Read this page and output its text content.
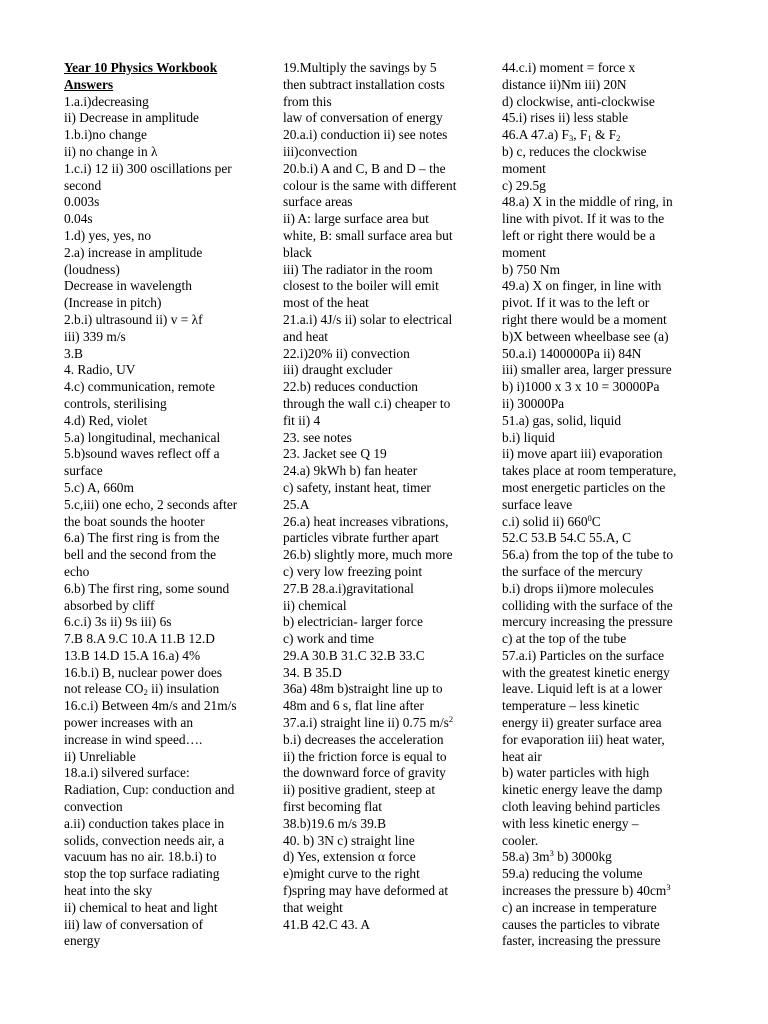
Year 10 Physics Workbook
Answers
1.a.i)decreasing
ii) Decrease in amplitude
1.b.i)no change
ii) no change in λ
1.c.i) 12 ii) 300 oscillations per
second
0.003s
0.04s
1.d) yes, yes, no
2.a) increase in amplitude
(loudness)
Decrease in wavelength
(Increase in pitch)
2.b.i) ultrasound ii) v = λf
iii) 339 m/s
3.B
4. Radio, UV
4.c) communication, remote
controls, sterilising
4.d) Red, violet
5.a) longitudinal, mechanical
5.b)sound waves reflect off a
surface
5.c) A, 660m
5.c,iii) one echo, 2 seconds after
the boat sounds the hooter
6.a) The first ring is from the
bell and the second from the
echo
6.b) The first ring, some sound
absorbed by cliff
6.c.i) 3s ii) 9s iii) 6s
7.B 8.A 9.C 10.A 11.B 12.D
13.B 14.D 15.A 16.a) 4%
16.b.i) B, nuclear power does
not release $CO_2$ ii) insulation
16.c.i) Between 4m/s and 21m/s
power increases with an
increase in wind speed….
ii) Unreliable
18.a.i) silvered surface:
Radiation, Cup: conduction and
convection
a.ii) conduction takes place in
solids, convection needs air, a
vacuum has no air. 18.b.i) to
stop the top surface radiating
heat into the sky
ii) chemical to heat and light
iii) law of conversation of
energy
19.Multiply the savings by 5
then subtract installation costs
from this
law of conversation of energy
20.a.i) conduction ii) see notes
iii)convection
20.b.i) A and C, B and D – the
colour is the same with different
surface areas
ii) A: large surface area but
white, B: small surface area but
black
iii) The radiator in the room
closest to the boiler will emit
most of the heat
21.a.i) 4J/s ii) solar to electrical
and heat
22.i)20% ii) convection
iii) draught excluder
22.b) reduces conduction
through the wall c.i) cheaper to
fit ii) 4
23. see notes
23. Jacket see Q 19
24.a) 9kWh b) fan heater
c) safety, instant heat, timer
25.A
26.a) heat increases vibrations,
particles vibrate further apart
26.b) slightly more, much more
c) very low freezing point
27.B 28.a.i)gravitational
ii) chemical
b) electrician- larger force
c) work and time
29.A 30.B 31.C 32.B 33.C
34. B 35.D
36a) 48m b)straight line up to
48m and 6 s, flat line after
37.a.i) straight line ii) 0.75 $m/s^2$
b.i) decreases the acceleration
ii) the friction force is equal to
the downward force of gravity
ii) positive gradient, steep at
first becoming flat
38.b)19.6 m/s 39.B
40. b) 3N c) straight line
d) Yes, extension α force
e)might curve to the right
f)spring may have deformed at
that weight
41.B 42.C 43. A
44.c.i) moment = force x
distance ii)Nm iii) 20N
d) clockwise, anti-clockwise
45.i) rises ii) less stable
46.A 47.a) $F_3$, $F_1$ & $F_2$
b) c, reduces the clockwise
moment
c) 29.5g
48.a) X in the middle of ring, in
line with pivot. If it was to the
left or right there would be a
moment
b) 750 Nm
49.a) X on finger, in line with
pivot. If it was to the left or
right there would be a moment
b)X between wheelbase see (a)
50.a.i) 1400000Pa ii) 84N
iii) smaller area, larger pressure
b) i)1000 x 3 x 10 = 30000Pa
ii) 30000Pa
51.a) gas, solid, liquid
b.i) liquid
ii) move apart iii) evaporation
takes place at room temperature,
most energetic particles on the
surface leave
c.i) solid ii) $660^0C$
52.C 53.B 54.C 55.A, C
56.a) from the top of the tube to
the surface of the mercury
b.i) drops ii)more molecules
colliding with the surface of the
mercury increasing the pressure
c) at the top of the tube
57.a.i) Particles on the surface
with the greatest kinetic energy
leave. Liquid left is at a lower
temperature – less kinetic
energy ii) greater surface area
for evaporation iii) heat water,
heat air
b) water particles with high
kinetic energy leave the damp
cloth leaving behind particles
with less kinetic energy –
cooler.
58.a) $3m^3$ b) 3000kg
59.a) reducing the volume
increases the pressure b) $40cm^3$
c) an increase in temperature
causes the particles to vibrate
faster, increasing the pressure
